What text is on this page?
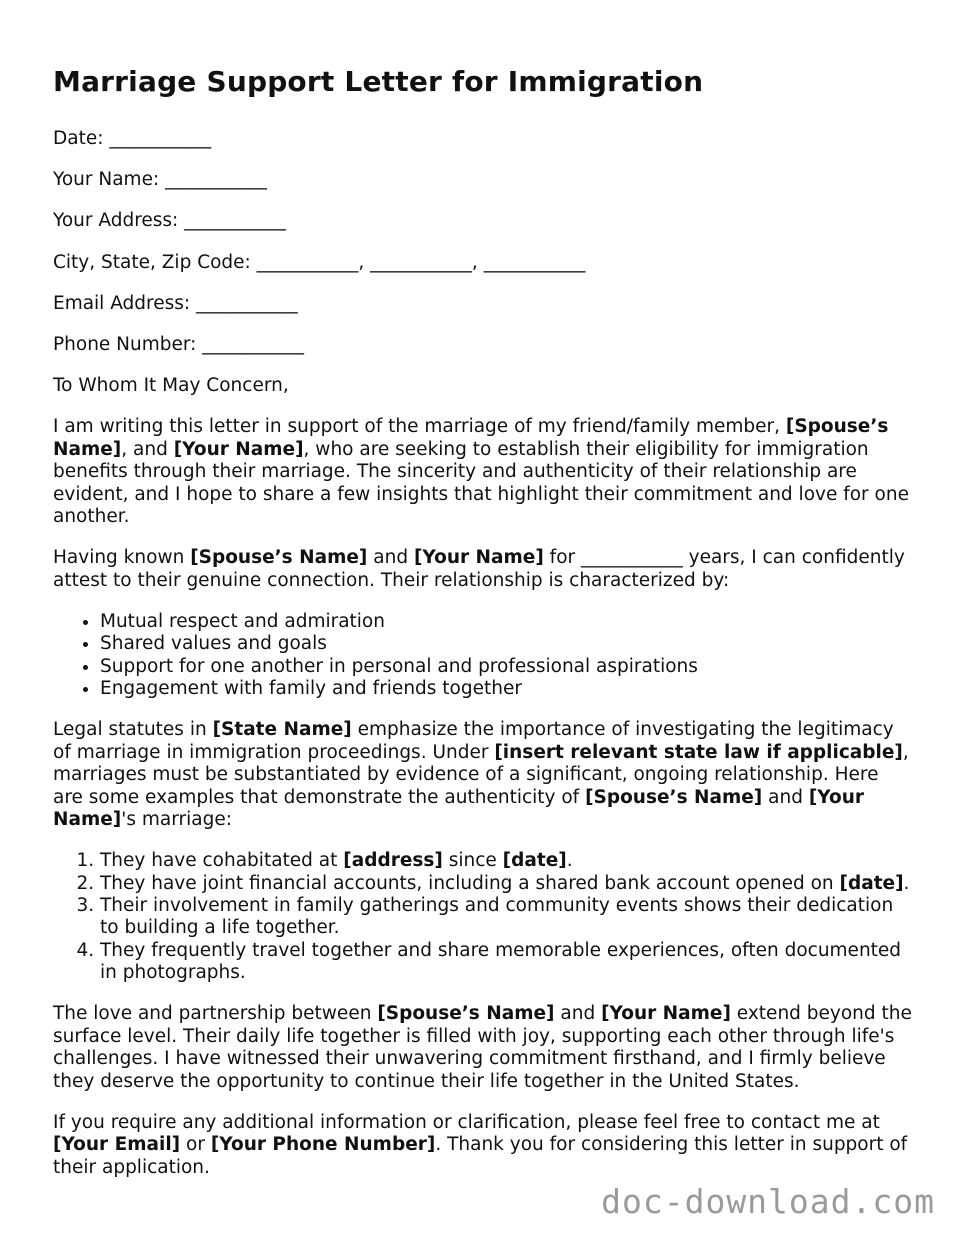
Marriage Support Letter for Immigration

Date: ___________

Your Name: ___________

Your Address: ___________

City, State, Zip Code: ___________, ___________, ___________

Email Address: ___________

Phone Number: ___________

To Whom It May Concern,

I am writing this letter in support of the marriage of my friend/family member, [Spouse’s Name], and [Your Name], who are seeking to establish their eligibility for immigration benefits through their marriage. The sincerity and authenticity of their relationship are evident, and I hope to share a few insights that highlight their commitment and love for one another.

Having known [Spouse’s Name] and [Your Name] for ___________ years, I can confidently attest to their genuine connection. Their relationship is characterized by:

• Mutual respect and admiration
• Shared values and goals
• Support for one another in personal and professional aspirations
• Engagement with family and friends together

Legal statutes in [State Name] emphasize the importance of investigating the legitimacy of marriage in immigration proceedings. Under [insert relevant state law if applicable], marriages must be substantiated by evidence of a significant, ongoing relationship. Here are some examples that demonstrate the authenticity of [Spouse’s Name] and [Your Name]'s marriage:

1. They have cohabitated at [address] since [date].
2. They have joint financial accounts, including a shared bank account opened on [date].
3. Their involvement in family gatherings and community events shows their dedication to building a life together.
4. They frequently travel together and share memorable experiences, often documented in photographs.

The love and partnership between [Spouse’s Name] and [Your Name] extend beyond the surface level. Their daily life together is filled with joy, supporting each other through life's challenges. I have witnessed their unwavering commitment firsthand, and I firmly believe they deserve the opportunity to continue their life together in the United States.

If you require any additional information or clarification, please feel free to contact me at [Your Email] or [Your Phone Number]. Thank you for considering this letter in support of their application.

doc-download.com
